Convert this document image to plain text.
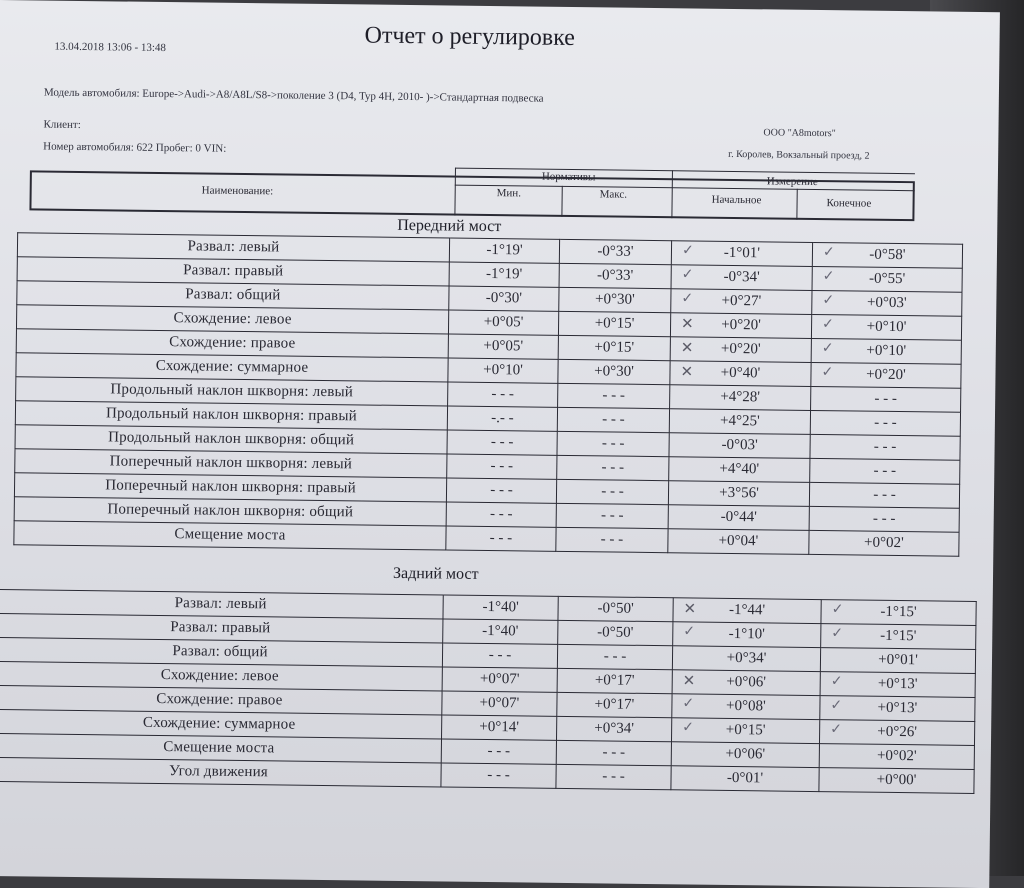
Отчет о регулировке
13.04.2018 13:06 - 13:48
Модель автомобиля: Europe->Audi->A8/A8L/S8->поколение 3 (D4, Typ 4H, 2010- )->Стандартная подвеска
Клиент:
Номер автомобиля: 622 Пробег: 0 VIN:
ООО "A8motors"
г. Королев, Вокзальный проезд, 2
Наименование:
Нормативы
Мин.	Макс.
Измерение
Начальное	Конечное
Передний мост
Развал: левый	-1°19'	-0°33'	✓ -1°01'	✓ -0°58'
Развал: правый	-1°19'	-0°33'	✓ -0°34'	✓ -0°55'
Развал: общий	-0°30'	+0°30'	✓ +0°27'	✓ +0°03'
Схождение: левое	+0°05'	+0°15'	✕ +0°20'	✓ +0°10'
Схождение: правое	+0°05'	+0°15'	✕ +0°20'	✓ +0°10'
Схождение: суммарное	+0°10'	+0°30'	✕ +0°40'	✓ +0°20'
Продольный наклон шкворня: левый	- - -	- - -	+4°28'	- - -
Продольный наклон шкворня: правый	-.- -	- - -	+4°25'	- - -
Продольный наклон шкворня: общий	- - -	- - -	-0°03'	- - -
Поперечный наклон шкворня: левый	- - -	- - -	+4°40'	- - -
Поперечный наклон шкворня: правый	- - -	- - -	+3°56'	- - -
Поперечный наклон шкворня: общий	- - -	- - -	-0°44'	- - -
Смещение моста	- - -	- - -	+0°04'	+0°02'
Задний мост
Развал: левый	-1°40'	-0°50'	✕ -1°44'	✓ -1°15'
Развал: правый	-1°40'	-0°50'	✓ -1°10'	✓ -1°15'
Развал: общий	- - -	- - -	+0°34'	+0°01'
Схождение: левое	+0°07'	+0°17'	✕ +0°06'	✓ +0°13'
Схождение: правое	+0°07'	+0°17'	✓ +0°08'	✓ +0°13'
Схождение: суммарное	+0°14'	+0°34'	✓ +0°15'	✓ +0°26'
Смещение моста	- - -	- - -	+0°06'	+0°02'
Угол движения	- - -	- - -	-0°01'	+0°00'
